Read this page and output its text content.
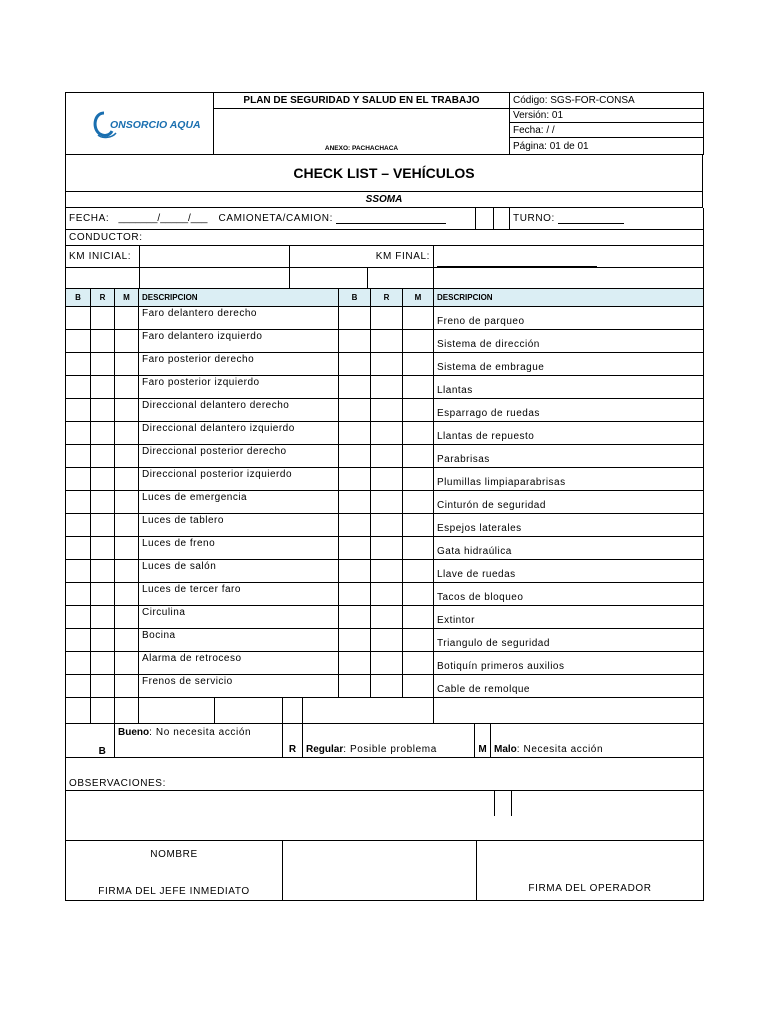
ONSORCIO AQUA	PLAN DE SEGURIDAD Y SALUD EN EL TRABAJO	Código: SGS-FOR-CONSA
	ANEXO: PACHACHACA	Versión: 01
		Fecha: / /
		Página: 01 de 01
CHECK LIST – VEHÍCULOS
SSOMA
FECHA:	_______/_____/___	CAMIONETA/CAMION:			TURNO:
CONDUCTOR:
KM INICIAL:			KM FINAL:	

B	R	M	DESCRIPCION	B	R	M	DESCRIPCION
			Faro delantero derecho				Freno de parqueo
			Faro delantero izquierdo				Sistema de dirección
			Faro posterior derecho				Sistema de embrague
			Faro posterior izquierdo				Llantas
			Direccional delantero derecho				Esparrago de ruedas
			Direccional delantero izquierdo				Llantas de repuesto
			Direccional posterior derecho				Parabrisas
			Direccional posterior izquierdo				Plumillas limpiaparabrisas
			Luces de emergencia				Cinturón de seguridad
			Luces de tablero				Espejos laterales
			Luces de freno				Gata hidraúlica
			Luces de salón				Llave de ruedas
			Luces de tercer faro				Tacos de bloqueo
			Circulina				Extintor
			Bocina				Triangulo de seguridad
			Alarma de retroceso				Botiquín primeros auxilios
			Frenos de servicio				Cable de remolque

	B	Bueno: No necesita acción	R	Regular: Posible problema	M	Malo: Necesita acción
OBSERVACIONES:

NOMBRE
FIRMA DEL JEFE INMEDIATO		FIRMA DEL OPERADOR
